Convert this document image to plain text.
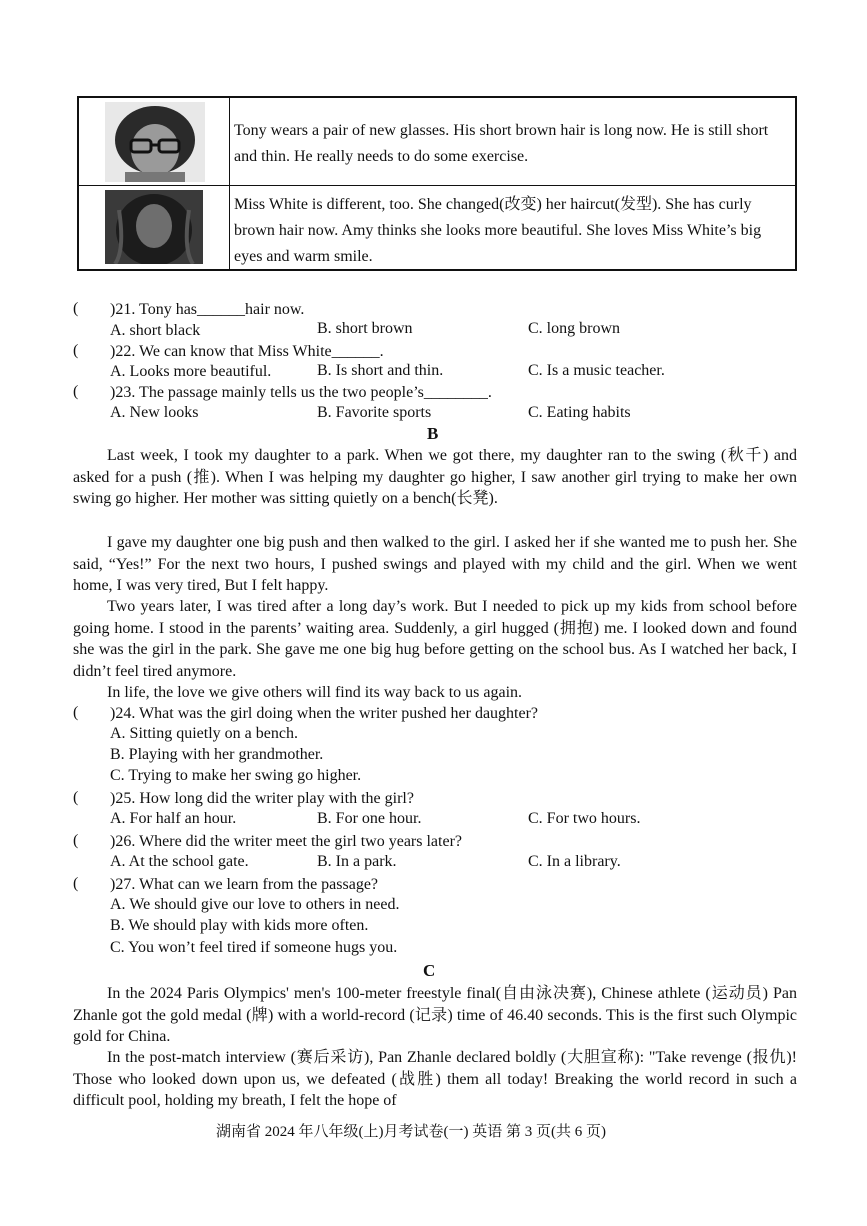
Tony wears a pair of new glasses. His short brown hair is long now. He is still short and thin. He really needs to do some exercise.
Miss White is different, too. She changed(改变) her haircut(发型). She has curly brown hair now. Amy thinks she looks more beautiful. She loves Miss White’s big eyes and warm smile.
( )21. Tony has______hair now.
A. short black	B. short brown	C. long brown
( )22. We can know that Miss White______.
A. Looks more beautiful.	B. Is short and thin.	C. Is a music teacher.
( )23. The passage mainly tells us the two people’s________.
A. New looks	B. Favorite sports	C. Eating habits
B
Last week, I took my daughter to a park. When we got there, my daughter ran to the swing (秋千) and asked for a push (推). When I was helping my daughter go higher, I saw another girl trying to make her own swing go higher. Her mother was sitting quietly on a bench(长凳).
I gave my daughter one big push and then walked to the girl. I asked her if she wanted me to push her. She said, “Yes!” For the next two hours, I pushed swings and played with my child and the girl. When we went home, I was very tired, But I felt happy.
Two years later, I was tired after a long day’s work. But I needed to pick up my kids from school before going home. I stood in the parents’ waiting area. Suddenly, a girl hugged (拥抱) me. I looked down and found she was the girl in the park. She gave me one big hug before getting on the school bus. As I watched her back, I didn’t feel tired anymore.
In life, the love we give others will find its way back to us again.
( )24. What was the girl doing when the writer pushed her daughter?
A. Sitting quietly on a bench.
B. Playing with her grandmother.
C. Trying to make her swing go higher.
( )25. How long did the writer play with the girl?
A. For half an hour.	B. For one hour.	C. For two hours.
( )26. Where did the writer meet the girl two years later?
A. At the school gate.	B. In a park.	C. In a library.
( )27. What can we learn from the passage?
A. We should give our love to others in need.
B. We should play with kids more often.
C. You won’t feel tired if someone hugs you.
C
In the 2024 Paris Olympics' men's 100-meter freestyle final(自由泳决赛), Chinese athlete (运动员) Pan Zhanle got the gold medal (牌) with a world-record (记录) time of 46.40 seconds. This is the first such Olympic gold for China.
In the post-match interview (赛后采访), Pan Zhanle declared boldly (大胆宣称): "Take revenge (报仇)! Those who looked down upon us, we defeated (战胜) them all today! Breaking the world record in such a difficult pool, holding my breath, I felt the hope of
湖南省 2024 年八年级(上)月考试卷(一) 英语 第 3 页(共 6 页)
